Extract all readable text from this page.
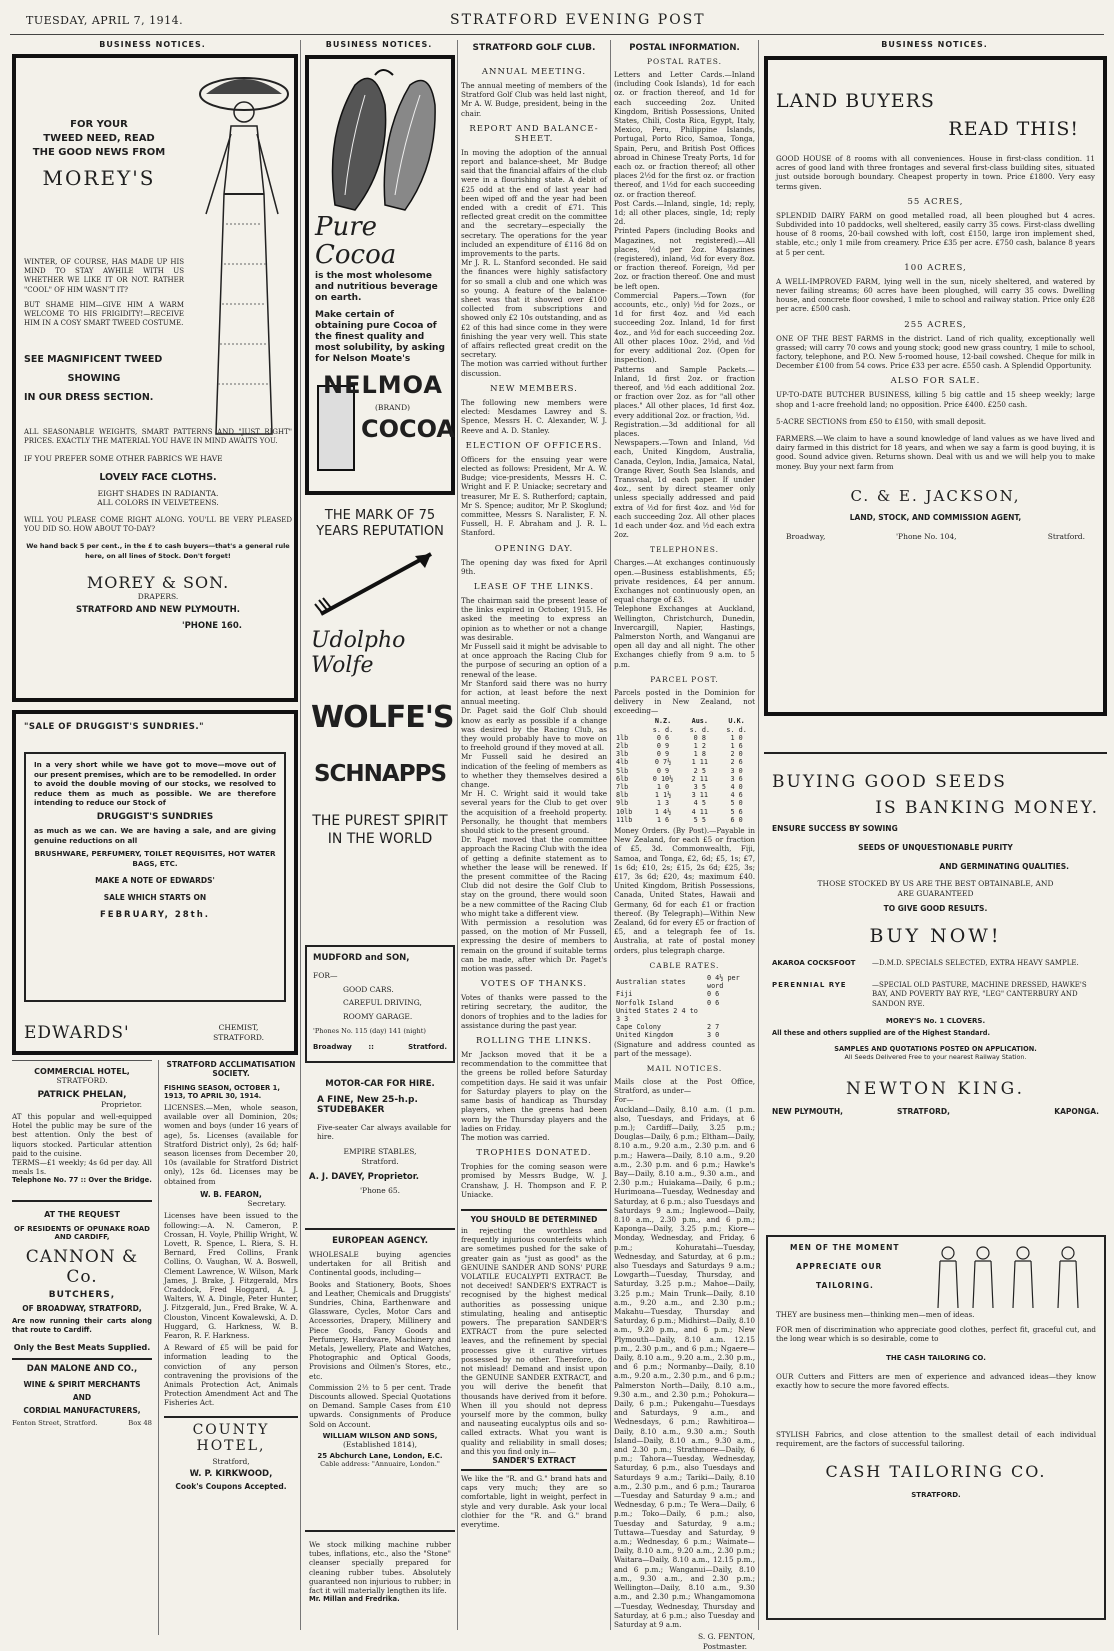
TUESDAY, APRIL 7, 1914.	STRATFORD EVENING POST
BUSINESS NOTICES.
FOR YOUR
TWEED NEED, READ
THE GOOD NEWS FROM
MOREY'S

WINTER, OF COURSE, HAS MADE UP HIS MIND TO STAY AWHILE WITH US WHETHER WE LIKE IT OR NOT. RATHER "COOL" OF HIM WASN'T IT?

BUT SHAME HIM—GIVE HIM A WARM WELCOME TO HIS FRIGIDITY!—RECEIVE HIM IN A COSY SMART TWEED COSTUME.

SEE MAGNIFICENT TWEED
SHOWING
IN OUR DRESS SECTION.

ALL SEASONABLE WEIGHTS, SMART PATTERNS AND "JUST RIGHT" PRICES. EXACTLY THE MATERIAL YOU HAVE IN MIND AWAITS YOU.

IF YOU PREFER SOME OTHER FABRICS WE HAVE
LOVELY FACE CLOTHS.
EIGHT SHADES IN RADIANTA.
ALL COLORS IN VELVETEENS.

WILL YOU PLEASE COME RIGHT ALONG. YOU'LL BE VERY PLEASED YOU DID SO. HOW ABOUT TO-DAY?

We hand back 5 per cent., in the £ to cash buyers—that's a general rule here, on all lines of Stock. Don't forget!

MOREY & SON.
DRAPERS.
STRATFORD AND NEW PLYMOUTH.
'PHONE 160.
"SALE OF DRUGGIST'S SUNDRIES."

In a very short while we have got to move—move out of our present premises, which are to be remodelled. In order to avoid the double moving of our stocks, we resolved to reduce them as much as possible. We are therefore intending to reduce our Stock of

DRUGGIST'S SUNDRIES

as much as we can. We are having a sale, and are giving genuine reductions on all

BRUSHWARE, PERFUMERY, TOILET REQUISITES, HOT WATER BAGS, ETC.

MAKE A NOTE OF EDWARDS'
SALE WHICH STARTS ON
FEBRUARY, 28th.
EDWARDS'	CHEMIST,
STRATFORD.
COMMERCIAL HOTEL,
STRATFORD.
PATRICK PHELAN,
Proprietor.

AT this popular and well-equipped Hotel the public may be sure of the best attention. Only the best of liquors stocked. Particular attention paid to the cuisine.

TERMS—£1 weekly; 4s 6d per day. All meals 1s.

Telephone No. 77 :: Over the Bridge.

AT THE REQUEST
OF RESIDENTS OF OPUNAKE ROAD AND CARDIFF,
CANNON & Co.
BUTCHERS,
OF BROADWAY, STRATFORD,

Are now running their carts along that route to Cardiff.

Only the Best Meats Supplied.
DAN MALONE AND CO.,
WINE & SPIRIT MERCHANTS
AND
CORDIAL MANUFACTURERS,
Fenton Street, Stratford.	Box 48
STRATFORD ACCLIMATISATION SOCIETY.
FISHING SEASON, OCTOBER 1, 1913, TO APRIL 30, 1914.

LICENSES.—Men, whole season, available over all Dominion, 20s; women and boys (under 16 years of age), 5s. Licenses (available for Stratford District only), 2s 6d; half-season licenses from December 20, 10s (available for Stratford District only), 12s 6d. Licenses may be obtained from

W. B. FEARON,
Secretary.

Licenses have been issued to the following:—A. N. Cameron, P. Crossan, H. Voyle, Phillip Wright, W. Lovett, R. Spence, L. Riera, S. H. Bernard, Fred Collins, Frank Collins, O. Vaughan, W. A. Boswell, Clement Lawrence, W. Wilson, Mark James, J. Brake, J. Fitzgerald, Mrs Craddock, Fred Hoggard, A. J. Walters, W. A. Dingle, Peter Hunter, J. Fitzgerald, Jun., Fred Brake, W. A. Clouston, Vincent Kowalewski, A. D. Huggard, G. Harkness, W. B. Fearon, R. F. Harkness.

A Reward of £5 will be paid for information leading to the conviction of any person contravening the provisions of the Animals Protection Act, Animals Protection Amendment Act and The Fisheries Act.

COUNTY HOTEL,
Stratford,
W. P. KIRKWOOD,
Cook's Coupons Accepted.
BUSINESS NOTICES.
Pure Cocoa

is the most wholesome and nutritious beverage on earth.

Make certain of obtaining pure Cocoa of the finest quality and most solubility, by asking for Nelson Moate's

NELMOA
(BRAND)
COCOA
THE MARK OF 75 YEARS REPUTATION
Udolpho Wolfe
WOLFE'S
SCHNAPPS
THE PUREST SPIRIT IN THE WORLD
MUDFORD and SON,
FOR—
GOOD CARS.
CAREFUL DRIVING,
ROOMY GARAGE.
'Phones No. 115 (day) 141 (night)
Broadway ::	Stratford.
MOTOR-CAR FOR HIRE.
A FINE, New 25-h.p. STUDEBAKER

Five-seater Car always available for hire.

EMPIRE STABLES,
Stratford.
A. J. DAVEY, Proprietor.
'Phone 65.
EUROPEAN AGENCY.

WHOLESALE buying agencies undertaken for all British and Continental goods, including—

Books and Stationery, Boots, Shoes and Leather, Chemicals and Druggists' Sundries, China, Earthenware and Glassware, Cycles, Motor Cars and Accessories, Drapery, Millinery and Piece Goods, Fancy Goods and Perfumery, Hardware, Machinery and Metals, Jewellery, Plate and Watches, Photographic and Optical Goods, Provisions and Oilmen's Stores, etc., etc.

Commission 2½ to 5 per cent. Trade Discounts allowed. Special Quotations on Demand. Sample Cases from £10 upwards. Consignments of Produce Sold on Account.

WILLIAM WILSON AND SONS,
(Established 1814),
25 Abchurch Lane, London, E.C.
Cable address: "Annuaire, London."

We stock milking machine rubber tubes, inflations, etc., also the "Stone" cleanser specially prepared for cleaning rubber tubes. Absolutely guaranteed non injurious to rubber; in fact it will materially lengthen its life.

Mr. Millan and Fredrika.
STRATFORD GOLF CLUB.
ANNUAL MEETING.

The annual meeting of members of the Stratford Golf Club was held last night, Mr A. W. Budge, president, being in the chair.

REPORT AND BALANCE-SHEET.

In moving the adoption of the annual report and balance-sheet, Mr Budge said that the financial affairs of the club were in a flourishing state. A debit of £25 odd at the end of last year had been wiped off and the year had been ended with a credit of £71. This reflected great credit on the committee and the secretary—especially the secretary. The operations for the year included an expenditure of £116 8d on improvements to the parts.

Mr J. R. L. Stanford seconded. He said the finances were highly satisfactory for so small a club and one which was so young. A feature of the balance-sheet was that it showed over £100 collected from subscriptions and showed only £2 10s outstanding, and as £2 of this had since come in they were finishing the year very well. This state of affairs reflected great credit on the secretary.

The motion was carried without further discussion.

NEW MEMBERS.

The following new members were elected: Mesdames Lawrey and S. Spence, Messrs H. C. Alexander, W. J. Reeve and A. D. Stanley.

ELECTION OF OFFICERS.

Officers for the ensuing year were elected as follows: President, Mr A. W. Budge; vice-presidents, Messrs H. C. Wright and F. P. Uniacke; secretary and treasurer, Mr E. S. Rutherford; captain, Mr S. Spence; auditor, Mr P. Skoglund; committee, Messrs S. Naralister, F. N. Fussell, H. F. Abraham and J. R. L. Stanford.

OPENING DAY.

The opening day was fixed for April 9th.

LEASE OF THE LINKS.

The chairman said the present lease of the links expired in October, 1915. He asked the meeting to express an opinion as to whether or not a change was desirable.

Mr Fussell said it might be advisable to at once approach the Racing Club for the purpose of securing an option of a renewal of the lease.

Mr Stanford said there was no hurry for action, at least before the next annual meeting.

Dr. Paget said the Golf Club should know as early as possible if a change was desired by the Racing Club, as they would probably have to move on to freehold ground if they moved at all.

Mr Fussell said he desired an indication of the feeling of members as to whether they themselves desired a change.

Mr H. C. Wright said it would take several years for the Club to get over the acquisition of a freehold property. Personally, he thought that members should stick to the present ground.

Dr. Paget moved that the committee approach the Racing Club with the idea of getting a definite statement as to whether the lease will be renewed. If the present committee of the Racing Club did not desire the Golf Club to stay on the ground, there would soon be a new committee of the Racing Club who might take a different view.

With permission a resolution was passed, on the motion of Mr Fussell, expressing the desire of members to remain on the ground if suitable terms can be made, after which Dr. Paget's motion was passed.

VOTES OF THANKS.

Votes of thanks were passed to the retiring secretary, the auditor, the donors of trophies and to the ladies for assistance during the past year.

ROLLING THE LINKS.

Mr Jackson moved that it be a recommendation to the committee that the greens be rolled before Saturday competition days. He said it was unfair for Saturday players to play on the same basis of handicap as Thursday players, when the greens had been worn by the Thursday players and the ladies on Friday.

The motion was carried.

TROPHIES DONATED.

Trophies for the coming season were promised by Messrs Budge, W. J. Cranshaw, J. H. Thompson and F. P. Uniacke.

YOU SHOULD BE DETERMINED

in rejecting the worthless and frequently injurious counterfeits which are sometimes pushed for the sake of greater gain as "just as good" as the GENUINE SANDER AND SONS' PURE VOLATILE EUCALYPTI EXTRACT. Be not deceived! SANDER'S EXTRACT is recognised by the highest medical authorities as possessing unique stimulating, healing and antiseptic powers. The preparation SANDER'S EXTRACT from the pure selected leaves, and the refinement by special processes give it curative virtues possessed by no other. Therefore, do not mislead! Demand and insist upon the GENUINE SANDER EXTRACT, and you will derive the benefit that thousands have derived from it before. When ill you should not depress yourself more by the common, bulky and nauseating eucalyptus oils and so-called extracts. What you want is quality and reliability in small doses; and this you find only in—

SANDER'S EXTRACT

We like the "R. and G." brand hats and caps very much; they are so comfortable, light in weight, perfect in style and very durable. Ask your local clothier for the "R. and G." brand everytime.

POSTAL INFORMATION.
POSTAL RATES.

Letters and Letter Cards.—Inland (including Cook Islands), 1d for each oz. or fraction thereof, and 1d for each succeeding 2oz. United Kingdom, British Possessions, United States, Chili, Costa Rica, Egypt, Italy, Mexico, Peru, Philippine Islands, Portugal, Porto Rico, Samoa, Tonga, Spain, Peru, and British Post Offices abroad in Chinese Treaty Ports, 1d for each oz. or fraction thereof; all other places 2½d for the first oz. or fraction thereof, and 1½d for each succeeding oz. or fraction thereof.

Post Cards.—Inland, single, 1d; reply, 1d; all other places, single, 1d; reply 2d.

Printed Papers (including Books and Magazines, not registered).—All places, ½d per 2oz. Magazines (registered), inland, ½d for every 8oz. or fraction thereof. Foreign, ½d per 2oz. or fraction thereof. One and must be left open.

Commercial Papers.—Town (for accounts, etc., only) ½d for 2ozs., or 1d for first 4oz. and ½d each succeeding 2oz. Inland, 1d for first 4oz., and ½d for each succeeding 2oz. All other places 10oz. 2½d, and ½d for every additional 2oz. (Open for inspection).

Patterns and Sample Packets.—Inland, 1d first 2oz. or fraction thereof, and ½d each additional 2oz. or fraction over 2oz. as for "all other places." All other places, 1d first 4oz. every additional 2oz. or fraction, ½d.

Registration.—3d additional for all places.

Newspapers.—Town and Inland, ½d each, United Kingdom, Australia, Canada, Ceylon, India, Jamaica, Natal, Orange River, South Sea Islands, and Transvaal, 1d each paper. If under 4oz., sent by direct steamer only unless specially addressed and paid extra of ½d for first 4oz. and ½d for each succeeding 2oz. All other places 1d each under 4oz. and ½d each extra 2oz.

TELEPHONES.

Charges.—At exchanges continuously open.—Business establishments, £5; private residences, £4 per annum. Exchanges not continuously open, an equal charge of £3.

Telephone Exchanges at Auckland, Wellington, Christchurch, Dunedin, Invercargill, Napier, Hastings, Palmerston North, and Wanganui are open all day and all night. The other Exchanges chiefly from 9 a.m. to 5 p.m.

PARCEL POST.

Parcels posted in the Dominion for delivery in New Zealand, not exceeding—

	N.Z.	Aus.	U.K.
	s. d.	s. d.	s. d.
1lb	0 6	0 8	1 0
2lb	0 9	1 2	1 6
3lb	0 9	1 8	2 0
4lb	0 7½	1 11	2 6
5lb	0 9	2 5	3 0
6lb	0 10½	2 11	3 6
7lb	1 0	3 5	4 0
8lb	1 1½	3 11	4 6
9lb	1 3	4 5	5 0
10lb	1 4½	4 11	5 6
11lb	1 6	5 5	6 0

Money Orders. (By Post).—Payable in New Zealand, for each £5 or fraction of £5, 3d. Commonwealth, Fiji, Samoa, and Tonga, £2, 6d; £5, 1s; £7, 1s 6d; £10, 2s; £15, 2s 6d; £25, 3s; £17, 3s 6d; £20, 4s; maximum £40. United Kingdom, British Possessions, Canada, United States, Hawaii and Germany, 6d for each £1 or fraction thereof. (By Telegraph)—Within New Zealand, 6d for every £5 or fraction of £5, and a telegraph fee of 1s. Australia, at rate of postal money orders, plus telegraph charge.

CABLE RATES.
Australian states	0 4½ per word
Fiji	0 6
Norfolk Island	0 6
United States 2 4 to 3 3	
Cape Colony	2 7
United Kingdom	3 0

(Signature and address counted as part of the message).

MAIL NOTICES.

Mails close at the Post Office, Stratford, as under—

For—

Auckland—Daily, 8.10 a.m. (1 p.m. also, Tuesdays, and Fridays, at 6 p.m.); Cardiff—Daily, 3.25 p.m.; Douglas—Daily, 6 p.m.; Eltham—Daily, 8.10 a.m., 9.20 a.m., 2.30 p.m. and 6 p.m.; Hawera—Daily, 8.10 a.m., 9.20 a.m., 2.30 p.m. and 6 p.m.; Hawke's Bay—Daily, 8.10 a.m., 9.30 a.m., and 2.30 p.m.; Huiakama—Daily, 6 p.m.; Hurimoana—Tuesday, Wednesday and Saturday, at 6 p.m.; also Tuesdays and Saturdays 9 a.m.; Inglewood—Daily, 8.10 a.m., 2.30 p.m., and 6 p.m.; Kaponga—Daily, 3.25 p.m.; Kiore—Monday, Wednesday, and Friday, 6 p.m.; Kohuratahi—Tuesday, Wednesday, and Saturday, at 6 p.m.; also Tuesdays and Saturdays 9 a.m.; Lowgarth—Tuesday, Thursday, and Saturday, 3.25 p.m.; Mahoe—Daily, 3.25 p.m.; Main Trunk—Daily, 8.10 a.m., 9.20 a.m., and 2.30 p.m.; Makahu—Tuesday, Thursday and Saturday, 6 p.m.; Midhirst—Daily, 8.10 a.m., 9.20 p.m., and 6 p.m.; New Plymouth—Daily, 8.10 a.m. 12.15 p.m., 2.30 p.m., and 6 p.m.; Ngaere—Daily, 8.10 a.m., 9.20 a.m., 2.30 p.m., and 6 p.m.; Normanby—Daily, 8.10 a.m., 9.20 a.m., 2.30 p.m., and 6 p.m.; Palmerston North—Daily, 8.10 a.m., 9.30 a.m., and 2.30 p.m.; Pohokura—Daily, 6 p.m.; Pukengahu—Tuesdays and Saturdays, 9 a.m., and Wednesdays, 6 p.m.; Rawhitiroa—Daily, 8.10 a.m., 9.30 a.m.; South Island—Daily, 8.10 a.m., 9.30 a.m., and 2.30 p.m.; Strathmore—Daily, 6 p.m.; Tahora—Tuesday, Wednesday, Saturday, 6 p.m., also Tuesdays and Saturdays 9 a.m.; Tariki—Daily, 8.10 a.m., 2.30 p.m., and 6 p.m.; Tauraroa—Tuesday and Saturday 9 a.m.; and Wednesday, 6 p.m.; Te Wera—Daily, 6 p.m.; Toko—Daily, 6 p.m.; also, Tuesday and Saturday, 9 a.m.; Tuttawa—Tuesday and Saturday, 9 a.m.; Wednesday, 6 p.m.; Waimate—Daily, 8.10 a.m., 9.20 a.m., 2.30 p.m.; Waitara—Daily, 8.10 a.m., 12.15 p.m., and 6 p.m.; Wanganui—Daily, 8.10 a.m., 9.30 a.m., and 2.30 p.m.; Wellington—Daily, 8.10 a.m., 9.30 a.m., and 2.30 p.m.; Whangamomona—Tuesday, Wednesday, Thursday and Saturday, at 6 p.m.; also Tuesday and Saturday at 9 a.m.

S. G. FENTON,
Postmaster.
BUSINESS NOTICES.
LAND BUYERS
READ THIS!

GOOD HOUSE of 8 rooms with all conveniences. House in first-class condition. 11 acres of good land with three frontages and several first-class building sites, situated just outside borough boundary. Cheapest property in town. Price £1800. Very easy terms given.

55 ACRES,

SPLENDID DAIRY FARM on good metalled road, all been ploughed but 4 acres. Subdivided into 10 paddocks, well sheltered, easily carry 35 cows. First-class dwelling house of 8 rooms, 20-bail cowshed with loft, cost £150, large iron implement shed, stable, etc.; only 1 mile from creamery. Price £35 per acre. £750 cash, balance 8 years at 5 per cent.

100 ACRES,

A WELL-IMPROVED FARM, lying well in the sun, nicely sheltered, and watered by never failing streams; 60 acres have been ploughed, will carry 35 cows. Dwelling house, and concrete floor cowshed, 1 mile to school and railway station. Price only £28 per acre. £500 cash.

255 ACRES,

ONE OF THE BEST FARMS in the district. Land of rich quality, exceptionally well grassed; will carry 70 cows and young stock; good new grass country, 1 mile to school, factory, telephone, and P.O. New 5-roomed house, 12-bail cowshed. Cheque for milk in December £100 from 54 cows. Price £33 per acre. £550 cash. A Splendid Opportunity.

ALSO FOR SALE.

UP-TO-DATE BUTCHER BUSINESS, killing 5 big cattle and 15 sheep weekly; large shop and 1-acre freehold land; no opposition. Price £400. £250 cash.

5-ACRE SECTIONS from £50 to £150, with small deposit.

FARMERS.—We claim to have a sound knowledge of land values as we have lived and dairy farmed in this district for 18 years, and when we say a farm is good buying, it is good. Sound advice given. Returns shown. Deal with us and we will help you to make money. Buy your next farm from

C. & E. JACKSON,
LAND, STOCK, AND COMMISSION AGENT,
Broadway,	'Phone No. 104,	Stratford.
BUYING GOOD SEEDS
IS BANKING MONEY.
ENSURE SUCCESS BY SOWING
SEEDS OF UNQUESTIONABLE PURITY
AND GERMINATING QUALITIES.
THOSE STOCKED BY US ARE THE BEST OBTAINABLE, AND ARE GUARANTEED
TO GIVE GOOD RESULTS.
BUY NOW!
AKAROA COCKSFOOT	—D.M.D. SPECIALS SELECTED, EXTRA HEAVY SAMPLE.
PERENNIAL RYE	—SPECIAL OLD PASTURE, MACHINE DRESSED, HAWKE'S BAY, AND POVERTY BAY RYE, "LEG" CANTERBURY AND SANDON RYE.
MOREY'S No. 1 CLOVERS.
All these and others supplied are of the Highest Standard.
SAMPLES AND QUOTATIONS POSTED ON APPLICATION.
All Seeds Delivered Free to your nearest Railway Station.
NEWTON KING.
NEW PLYMOUTH,	STRATFORD,	KAPONGA.
MEN OF THE MOMENT
APPRECIATE OUR
TAILORING.

THEY are business men—thinking men—men of ideas.

FOR men of discrimination who appreciate good clothes, perfect fit, graceful cut, and the long wear which is so desirable, come to

THE CASH TAILORING CO.

OUR Cutters and Fitters are men of experience and advanced ideas—they know exactly how to secure the more favored effects.

STYLISH Fabrics, and close attention to the smallest detail of each individual requirement, are the factors of successful tailoring.

CASH TAILORING CO.
STRATFORD.
